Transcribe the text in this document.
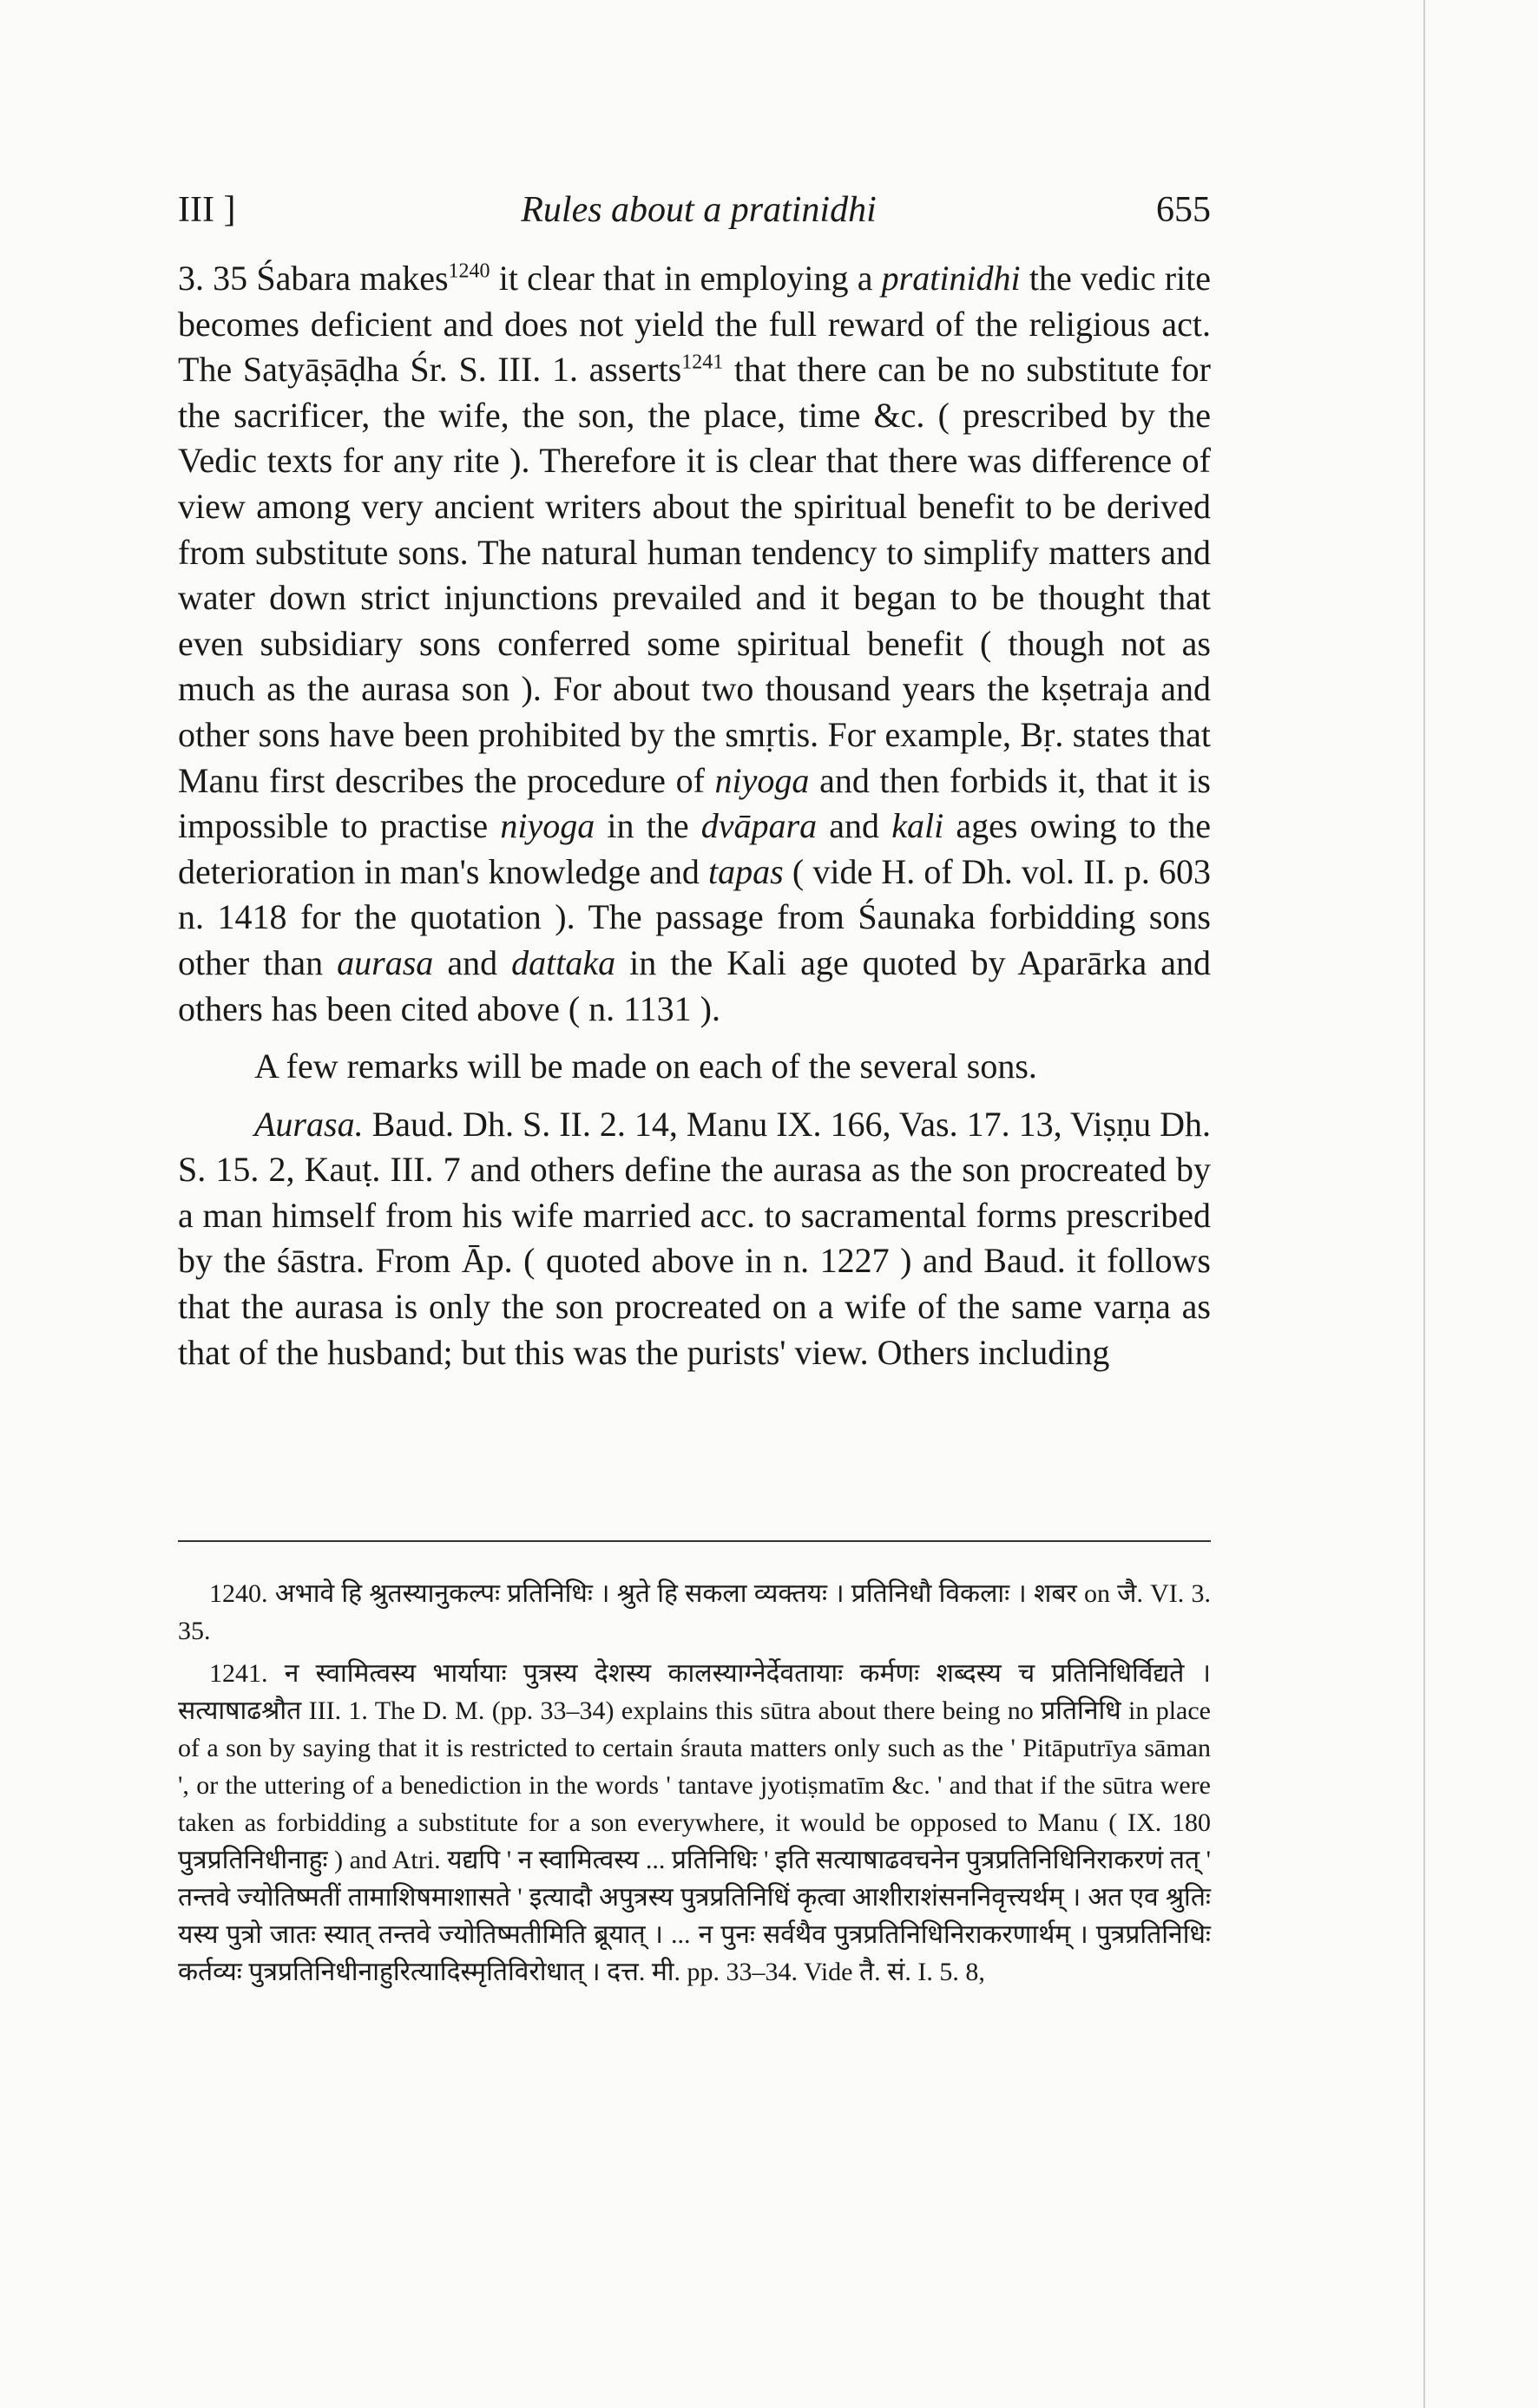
III ]	Rules about a pratinidhi	655

3. 35 Śabara makes$^{1240}$ it clear that in employing a pratinidhi the vedic rite becomes deficient and does not yield the full reward of the religious act. The Satyāṣāḍha Śr. S. III. 1. asserts$^{1241}$ that there can be no substitute for the sacrificer, the wife, the son, the place, time &c. ( prescribed by the Vedic texts for any rite ). Therefore it is clear that there was difference of view among very ancient writers about the spiritual benefit to be derived from substitute sons. The natural human tendency to simplify matters and water down strict injunctions prevailed and it began to be thought that even subsidiary sons conferred some spiritual benefit ( though not as much as the aurasa son ). For about two thousand years the kṣetraja and other sons have been prohibited by the smṛtis. For example, Bṛ. states that Manu first describes the procedure of niyoga and then forbids it, that it is impossible to practise niyoga in the dvāpara and kali ages owing to the deterioration in man's knowledge and tapas ( vide H. of Dh. vol. II. p. 603 n. 1418 for the quotation ). The passage from Śaunaka forbidding sons other than aurasa and dattaka in the Kali age quoted by Aparārka and others has been cited above ( n. 1131 ).

A few remarks will be made on each of the several sons.

Aurasa. Baud. Dh. S. II. 2. 14, Manu IX. 166, Vas. 17. 13, Viṣṇu Dh. S. 15. 2, Kauṭ. III. 7 and others define the aurasa as the son procreated by a man himself from his wife married acc. to sacramental forms prescribed by the śāstra. From Āp. ( quoted above in n. 1227 ) and Baud. it follows that the aurasa is only the son procreated on a wife of the same varṇa as that of the husband; but this was the purists' view. Others including

1240. अभावे हि श्रुतस्यानुकल्पः प्रतिनिधिः । श्रुते हि सकला व्यक्तयः । प्रतिनिधौ विकलाः । शबर on जै. VI. 3. 35.

1241. न स्वामित्वस्य भार्यायाः पुत्रस्य देशस्य कालस्याग्नेर्देवतायाः कर्मणः शब्दस्य च प्रतिनिधिर्विद्यते । सत्याषाढश्रौत III. 1. The D. M. (pp. 33–34) explains this sūtra about there being no प्रतिनिधि in place of a son by saying that it is restricted to certain śrauta matters only such as the ' Pitāputrīya sāman ', or the uttering of a benediction in the words ' tantave jyotiṣmatīm &c. ' and that if the sūtra were taken as forbidding a substitute for a son everywhere, it would be opposed to Manu ( IX. 180 पुत्रप्रतिनिधीनाहुः ) and Atri. यद्यपि ' न स्वामित्वस्य ... प्रतिनिधिः ' इति सत्याषाढवचनेन पुत्रप्रतिनिधिनिराकरणं तत् ' तन्तवे ज्योतिष्मतीं तामाशिषमाशासते ' इत्यादौ अपुत्रस्य पुत्रप्रतिनिधिं कृत्वा आशीराशंसननिवृत्त्यर्थम् । अत एव श्रुतिः यस्य पुत्रो जातः स्यात् तन्तवे ज्योतिष्मतीमिति ब्रूयात् । ... न पुनः सर्वथैव पुत्रप्रतिनिधिनिराकरणार्थम् । पुत्रप्रतिनिधिः कर्तव्यः पुत्रप्रतिनिधीनाहुरित्यादिस्मृतिविरोधात् । दत्त. मी. pp. 33–34. Vide तै. सं. I. 5. 8,
